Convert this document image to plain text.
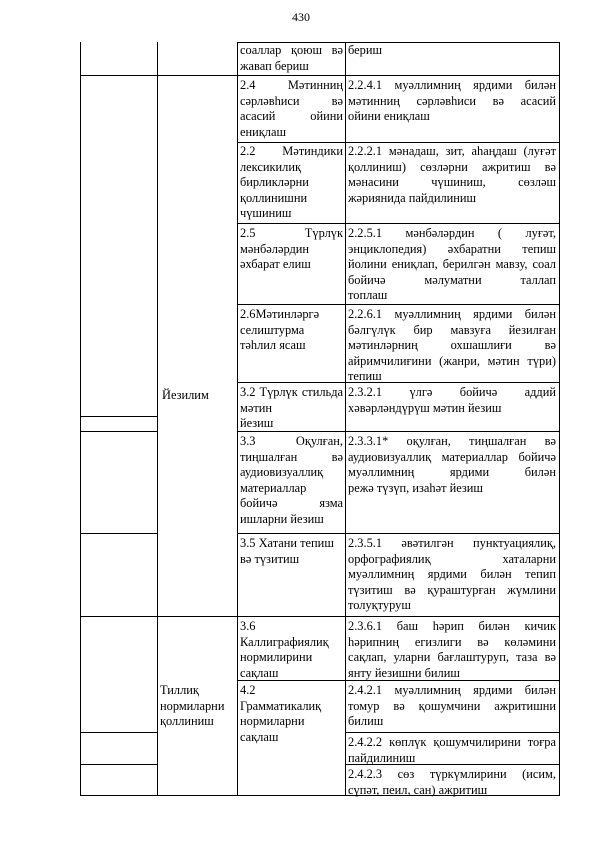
430
Йезилим
Тиллиқ
нормиларни
қоллиниш
соаллар қоюш вә
жавап бериш
бериш
2.4 Мәтинниң сәрләвһиси вә асасий ойини
ениқлаш
2.2.4.1 муәллимниң ярдими билән мәтинниң сәрләвһиси вә асасий
ойини ениқлаш
2.2 Мәтиндики
лексикилиқ
бирликләрни
қоллинишни
чүшиниш
2.2.2.1 мәнадаш, зит, аһаңдаш (луғәт қоллиниш) сөзләрни ажритиш вә мәнасини чүшиниш, сөзләш
жәриянида пайдилиниш
2.5 Түрлүк
мәнбәләрдин
әхбарат елиш
2.2.5.1 мәнбәләрдин ( луғәт, энциклопедия) әхбаратни тепиш йолини ениқлап, берилгән мавзу, соал бойичә мәлуматни таллап
топлаш
2.6Мәтинләргә
селиштурма
тәһлил ясаш
2.2.6.1 муәллимниң ярдими билән бәлгүлүк бир мавзуға йезилған мәтинләрниң охшашлиғи вә айримчилиғини (жанри, мәтин түри)
тепиш
3.2 Түрлүк стильда мәтин
йезиш
2.3.2.1 үлгә бойичә аддий
хәвәрләндүрүш мәтин йезиш
3.3 Оқулған, тиңшалған вә
аудиовизуаллиқ
материаллар
бойичә язма
ишларни йезиш
2.3.3.1* оқулған, тиңшалған вә аудиовизуаллиқ материаллар бойичә муәллимниң ярдими билән
режә түзүп, изаһәт йезиш
3.5 Хатани тепиш
вә түзитиш
2.3.5.1 әвәтилгән пунктуациялиқ, орфографиялиқ хаталарни муәллимниң ярдими билән тепип түзитиш вә қураштурған жүмлини
толуқтуруш
3.6
Каллиграфиялиқ
нормилирини
сақлаш
2.3.6.1 баш һәрип билән кичик һәрипниң егизлиги вә көләмини сақлап, уларни бағлаштуруп, таза вә
янту йезишни билиш
4.2
Грамматикалиқ
нормиларни
сақлаш
2.4.2.1 муәллимниң ярдими билән томур вә қошумчини ажритишни
билиш
2.4.2.2 көплүк қошумчилирини тоғра
пайдилиниш
2.4.2.3 сөз түркүмлирини (исим,
сүпәт, пеил, сан) ажритиш
